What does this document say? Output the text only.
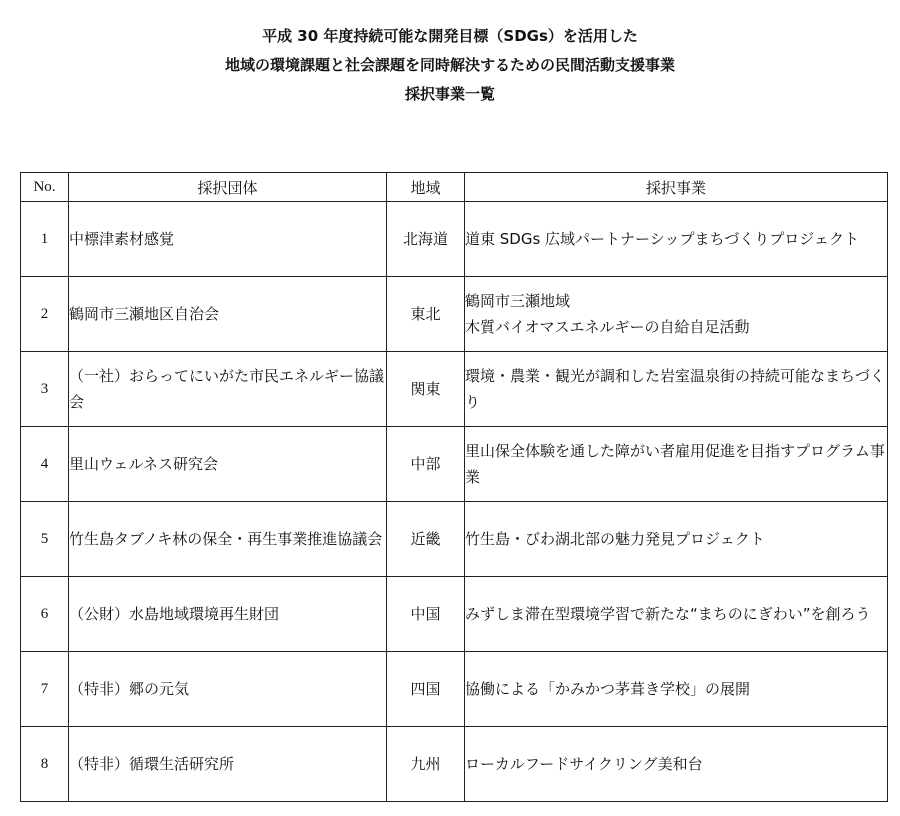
平成 30 年度持続可能な開発目標（SDGs）を活用した
地域の環境課題と社会課題を同時解決するための民間活動支援事業
採択事業一覧
No.	採択団体	地域	採択事業
1	中標津素材感覚	北海道	道東 SDGs 広域パートナーシップまちづくりプロジェクト
2	鶴岡市三瀬地区自治会	東北	鶴岡市三瀬地域
木質バイオマスエネルギーの自給自足活動

3	（一社）おらってにいがた市民エネルギー協議会	関東	環境・農業・観光が調和した岩室温泉街の持続可能なまちづくり
4	里山ウェルネス研究会	中部	里山保全体験を通した障がい者雇用促進を目指すプログラム事業
5	竹生島タブノキ林の保全・再生事業推進協議会	近畿	竹生島・びわ湖北部の魅力発見プロジェクト
6	（公財）水島地域環境再生財団	中国	みずしま滞在型環境学習で新たな“まちのにぎわい”を創ろう
7	（特非）郷の元気	四国	協働による「かみかつ茅葺き学校」の展開
8	（特非）循環生活研究所	九州	ローカルフードサイクリング美和台
